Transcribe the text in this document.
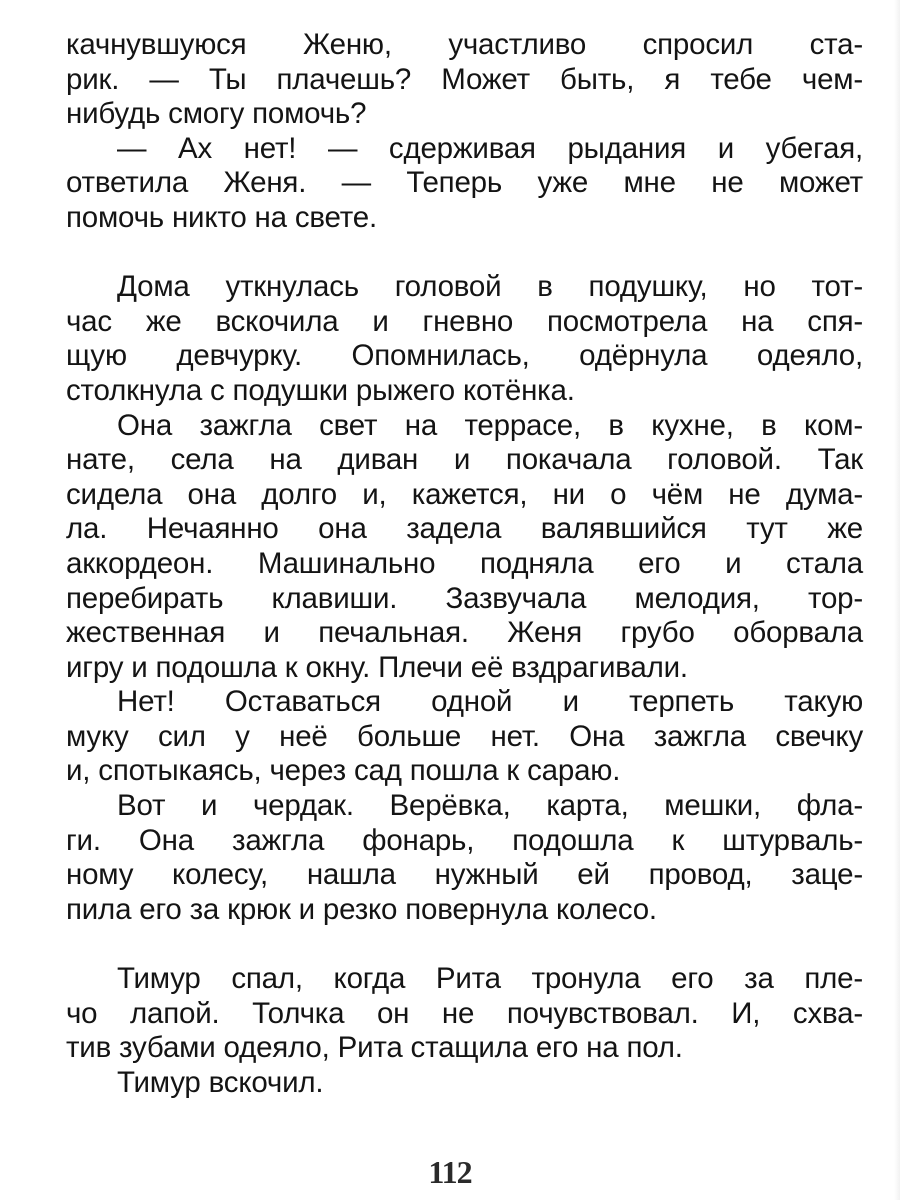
качнувшуюся Женю, участливо спросил ста-
рик. — Ты плачешь? Может быть, я тебе чем-
нибудь смогу помочь?

— Ах нет! — сдерживая рыдания и убегая,
ответила Женя. — Теперь уже мне не может
помочь никто на свете.

Дома уткнулась головой в подушку, но тот-
час же вскочила и гневно посмотрела на спя-
щую девчурку. Опомнилась, одёрнула одеяло,
столкнула с подушки рыжего котёнка.

Она зажгла свет на террасе, в кухне, в ком-
нате, села на диван и покачала головой. Так
сидела она долго и, кажется, ни о чём не дума-
ла. Нечаянно она задела валявшийся тут же
аккордеон. Машинально подняла его и стала
перебирать клавиши. Зазвучала мелодия, тор-
жественная и печальная. Женя грубо оборвала
игру и подошла к окну. Плечи её вздрагивали.

Нет! Оставаться одной и терпеть такую
муку сил у неё больше нет. Она зажгла свечку
и, спотыкаясь, через сад пошла к сараю.

Вот и чердак. Верёвка, карта, мешки, фла-
ги. Она зажгла фонарь, подошла к штурваль-
ному колесу, нашла нужный ей провод, заце-
пила его за крюк и резко повернула колесо.

Тимур спал, когда Рита тронула его за пле-
чо лапой. Толчка он не почувствовал. И, схва-
тив зубами одеяло, Рита стащила его на пол.

Тимур вскочил.

112
